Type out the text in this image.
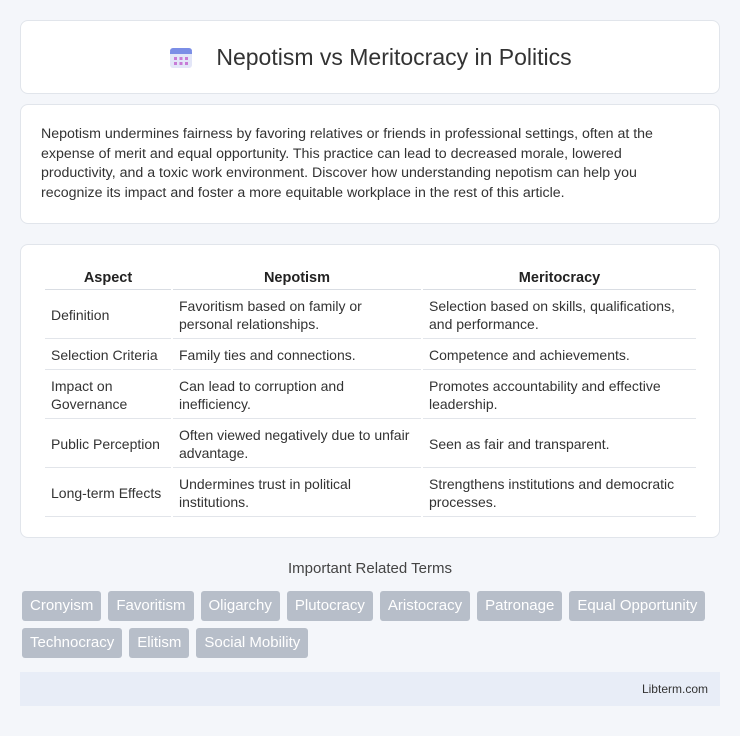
Nepotism vs Meritocracy in Politics

Nepotism undermines fairness by favoring relatives or friends in professional settings, often at the expense of merit and equal opportunity. This practice can lead to decreased morale, lowered productivity, and a toxic work environment. Discover how understanding nepotism can help you recognize its impact and foster a more equitable workplace in the rest of this article.

Aspect	Nepotism	Meritocracy
Definition	Favoritism based on family or personal relationships.	Selection based on skills, qualifications, and performance.
Selection Criteria	Family ties and connections.	Competence and achievements.
Impact on Governance	Can lead to corruption and inefficiency.	Promotes accountability and effective leadership.
Public Perception	Often viewed negatively due to unfair advantage.	Seen as fair and transparent.
Long-term Effects	Undermines trust in political institutions.	Strengthens institutions and democratic processes.
Important Related Terms
Cronyism	Favoritism	Oligarchy	Plutocracy	Aristocracy	Patronage	Equal Opportunity
Technocracy	Elitism	Social Mobility
Libterm.com
